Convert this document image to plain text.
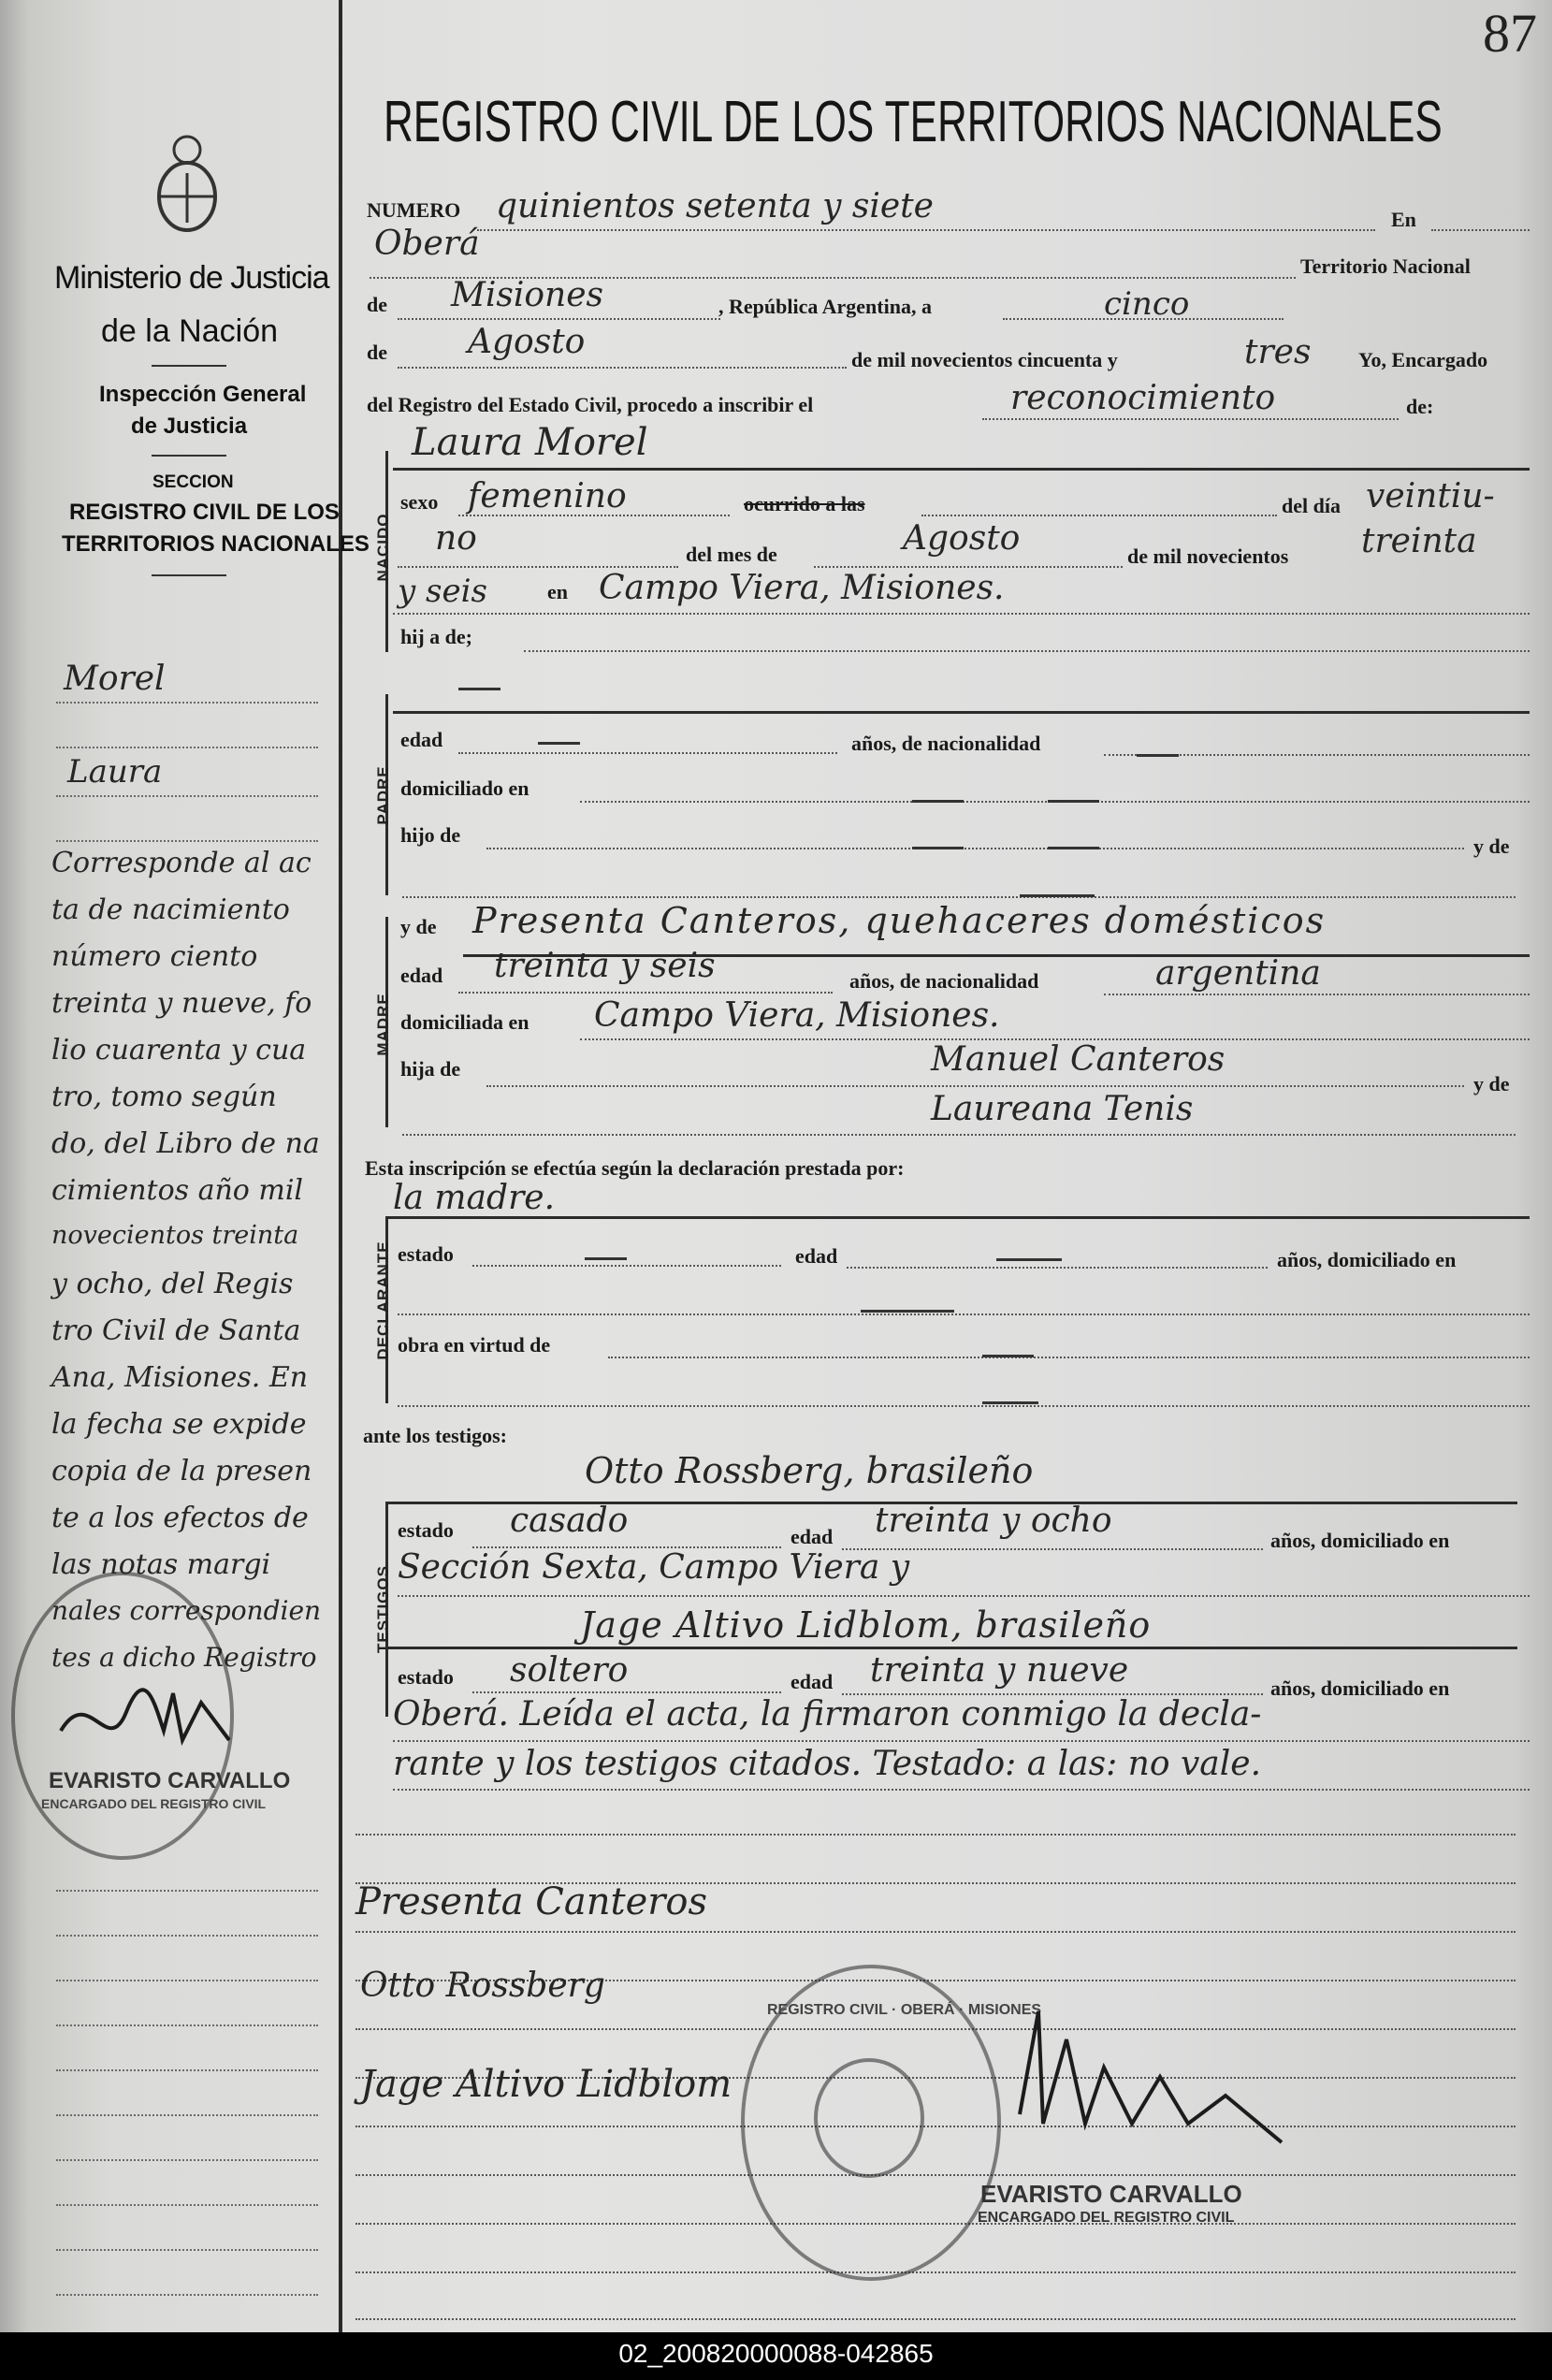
87
Ministerio de Justicia
de la Nación
Inspección General
de Justicia
SECCION
REGISTRO CIVIL DE LOS
TERRITORIOS NACIONALES
Morel
Laura
Corresponde al ac
ta de nacimiento
número ciento
treinta y nueve, fo
lio cuarenta y cua
tro, tomo según
do, del Libro de na
cimientos año mil
novecientos treinta
y ocho, del Regis
tro Civil de Santa
Ana, Misiones. En
la fecha se expide
copia de la presen
te a los efectos de
las notas margi
nales correspondien
tes a dicho Registro
EVARISTO CARVALLO
ENCARGADO DEL REGISTRO CIVIL
REGISTRO CIVIL DE LOS TERRITORIOS NACIONALES
NUMERO quinientos setenta y siete	En
Oberá
Territorio Nacional
de Misiones	, República Argentina, a	cinco
de Agosto	de mil novecientos cincuenta y	tres Yo, Encargado
del Registro del Estado Civil, procedo a inscribir el	reconocimiento	de:
Laura Morel
NACIDO
sexo femenino	ocurrido a las	del día veintiu-
no	del mes de	Agosto	de mil novecientos treinta
y seis	en Campo Viera, Misiones.
hij a de;
PADRE
edad	años, de nacionalidad
domiciliado en
hijo de	y de
MADRE
y de Presenta Canteros, quehaceres domésticos
edad treinta y seis	años, de nacionalidad	argentina
domiciliada en Campo Viera, Misiones.
hija de	Manuel Canteros
y de
Laureana Tenis
Esta inscripción se efectúa según la declaración prestada por:
la madre.
DECLARANTE estado	edad	años, domiciliado en
obra en virtud de
ante los testigos:
Otto Rossberg, brasileño
TESTIGOS
estado casado	edad treinta y ocho
años, domiciliado en
Sección Sexta, Campo Viera y
Jage Altivo Lidblom, brasileño
estado soltero	edad treinta y nueve	años, domiciliado en
Oberá. Leída el acta, la firmaron conmigo la decla-
rante y los testigos citados. Testado: a las: no vale.
Presenta Canteros
Otto Rossberg
Jage Altivo Lidblom
REGISTRO CIVIL · OBERÁ · MISIONES
EVARISTO CARVALLO
ENCARGADO DEL REGISTRO CIVIL
02_200820000088-042865
